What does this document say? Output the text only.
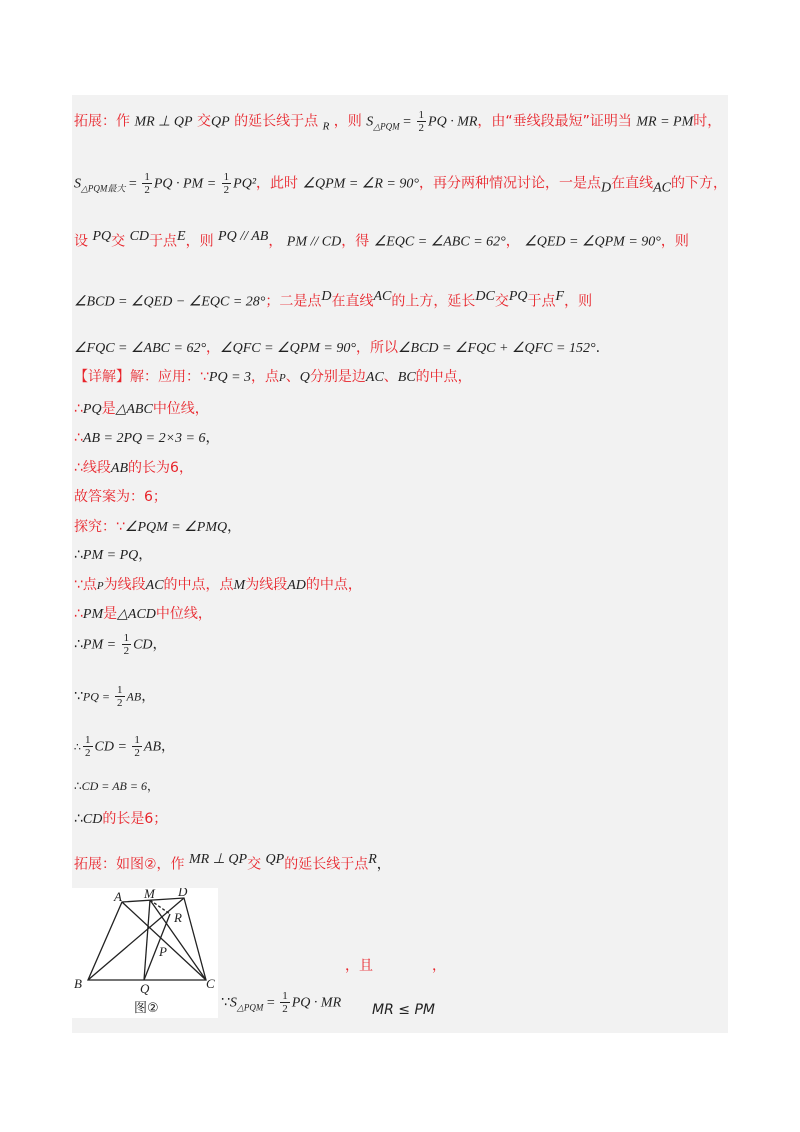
拓展：作 MR ⊥ QP 交QP 的延长线于点 $_R$ ，则 $S_{\triangle PQM} = \frac{1}{2}$ PQ · MR，由“垂线段最短”证明当 MR = PM时，
$S_{\triangle PQM最大} = \frac{1}{2}$ PQ · PM = $\frac{1}{2} PQ^2$，此时 ∠QPM = ∠R = 90°，再分两种情况讨论，一是点$_D$在直线$_{AC}$的下方，
设 $^{PQ}$交 $^{CD}$于点$^E$，则 $^{PQ // AB}$， PM // CD，得 ∠EQC = ∠ABC = 62°， ∠QED = ∠QPM = 90°，则
∠BCD = ∠QED − ∠EQC = 28°；二是点$^D$在直线$^{AC}$的上方，延长$^{DC}$交$^{PQ}$于点$^F$，则
∠FQC = ∠ABC = 62°，∠QFC = ∠QPM = 90°，所以∠BCD = ∠FQC + ∠QFC = 152°.
【详解】解：应用：∵PQ = 3，点P、Q分别是边AC、BC的中点，
∴PQ是△ABC中位线，
∴AB = 2PQ = 2×3 = 6，
∴线段AB的长为6，
故答案为：6；
探究：∵∠PQM = ∠PMQ，
∴PM = PQ，
∵点P为线段AC的中点，点M为线段AD的中点，
∴PM是△ACD中位线，
∴PM = $\frac{1}{2}$ CD，
∵PQ = $\frac{1}{2}$ AB，
∴ $\frac{1}{2}$ CD = $\frac{1}{2}$ AB，
∴CD = AB = 6，
∴CD的长是6；
拓展：如图②，作 $^{MR \perp QP}$交 $^{QP}$的延长线于点$^R$，
A M D
R
P
B	Q	C
图②	$\because S_{\triangle PQM} = \frac{1}{2}$ PQ · MR
，且	，
MR ≤ PM
